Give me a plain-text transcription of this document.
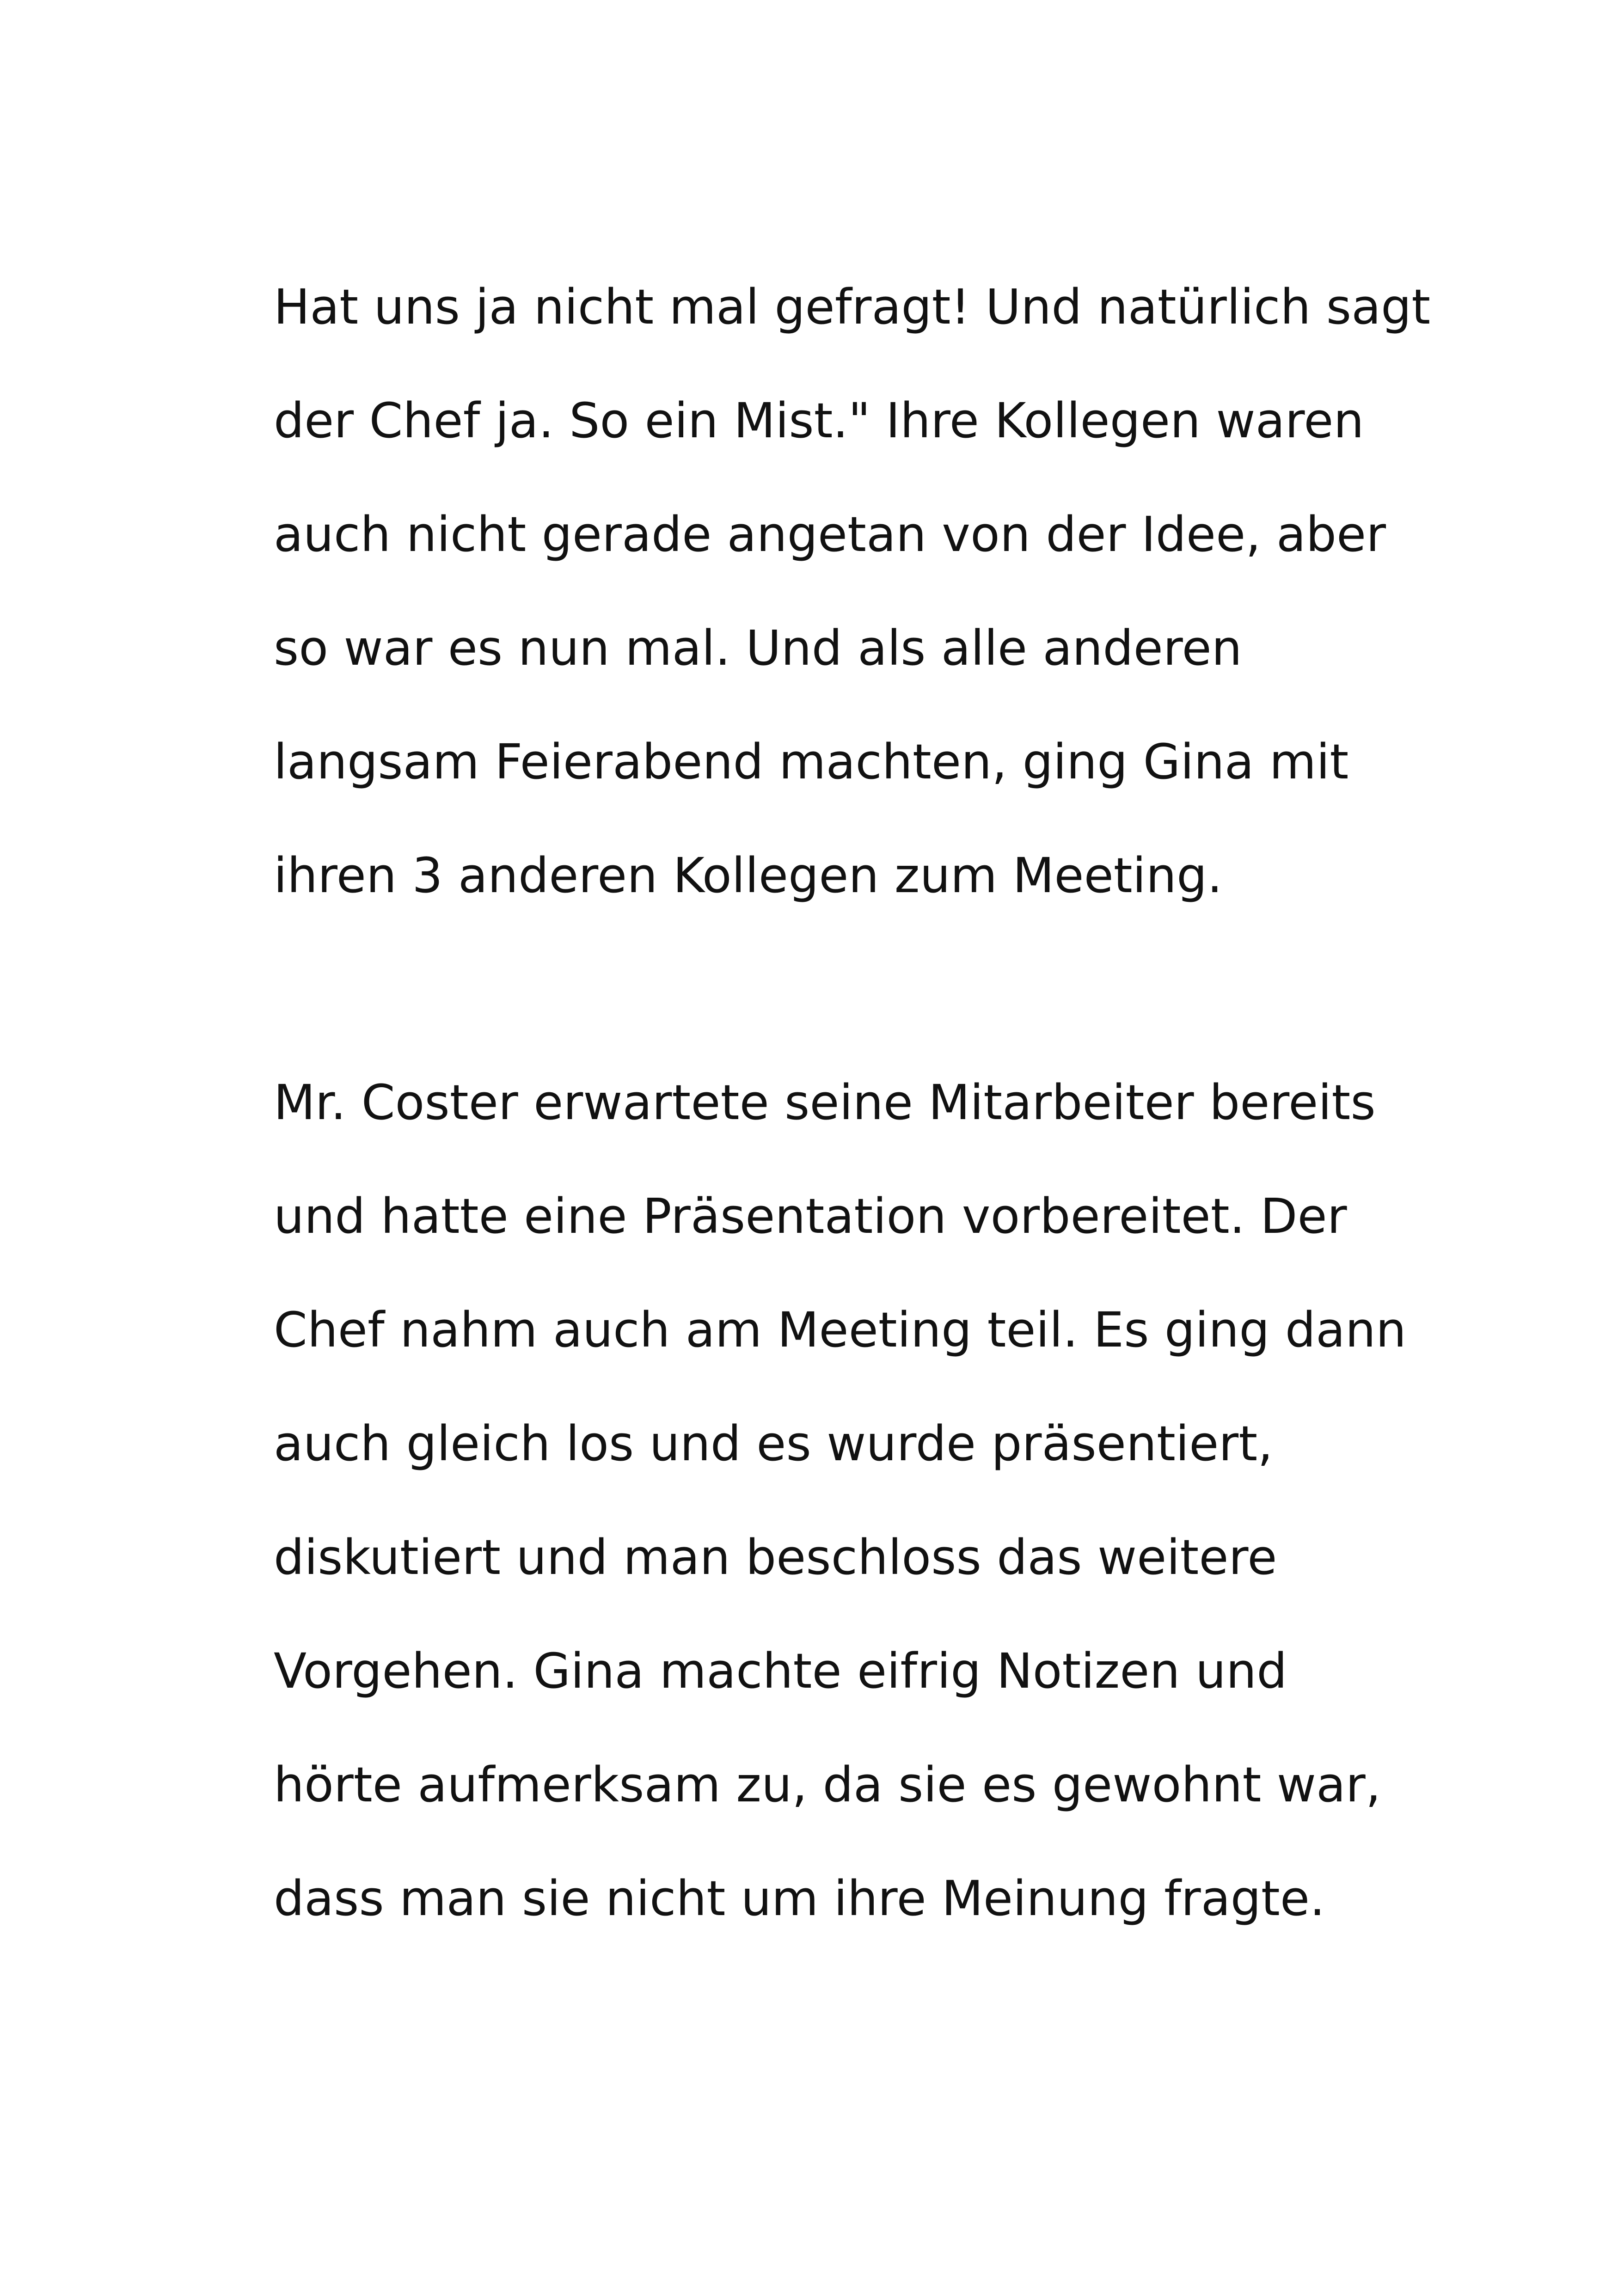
Hat uns ja nicht mal gefragt! Und natürlich sagt
der Chef ja. So ein Mist." Ihre Kollegen waren
auch nicht gerade angetan von der Idee, aber
so war es nun mal. Und als alle anderen
langsam Feierabend machten, ging Gina mit
ihren 3 anderen Kollegen zum Meeting.

Mr. Coster erwartete seine Mitarbeiter bereits
und hatte eine Präsentation vorbereitet. Der
Chef nahm auch am Meeting teil. Es ging dann
auch gleich los und es wurde präsentiert,
diskutiert und man beschloss das weitere
Vorgehen. Gina machte eifrig Notizen und
hörte aufmerksam zu, da sie es gewohnt war,
dass man sie nicht um ihre Meinung fragte.
